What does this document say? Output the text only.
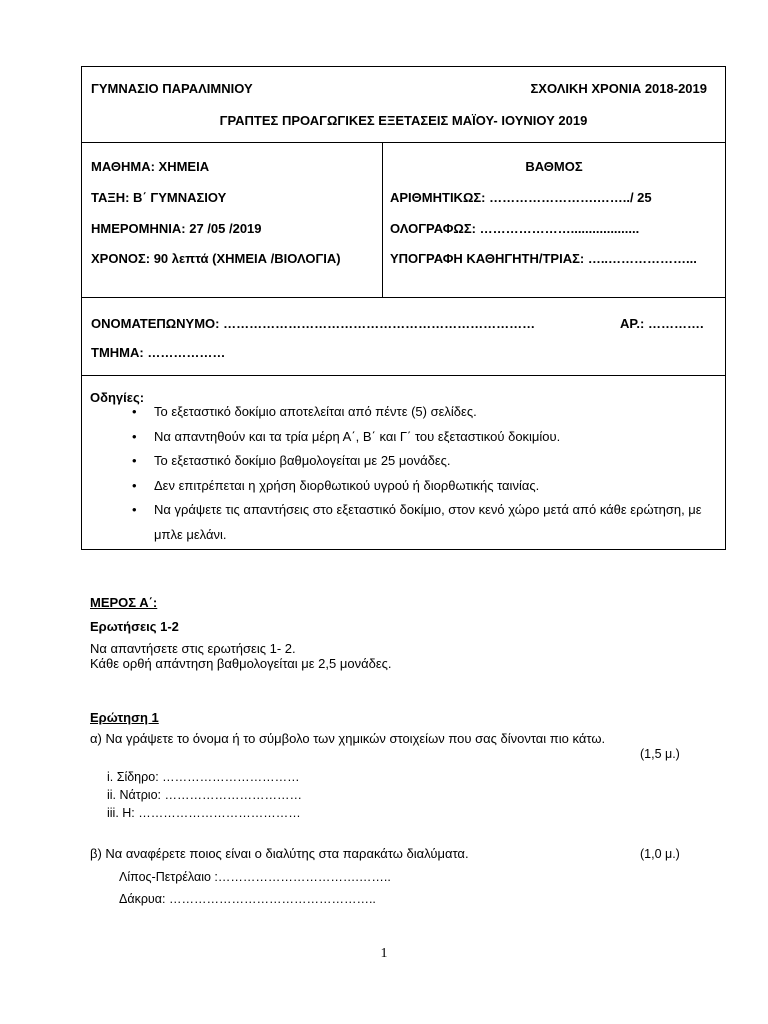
ΓΥΜΝΑΣΙΟ ΠΑΡΑΛΙΜΝΙΟΥ	ΣΧΟΛΙΚΗ ΧΡΟΝΙΑ 2018-2019
ΓΡΑΠΤΕΣ ΠΡΟΑΓΩΓΙΚΕΣ ΕΞΕΤΑΣΕΙΣ ΜΑΪΟΥ- ΙΟΥΝΙΟΥ 2019
ΜΑΘΗΜΑ: ΧΗΜΕΙΑ
ΤΑΞΗ: Β΄ ΓΥΜΝΑΣΙΟΥ
ΗΜΕΡΟΜΗΝΙΑ: 27 /05 /2019
ΧΡΟΝΟΣ: 90 λεπτά (ΧΗΜΕΙΑ /ΒΙΟΛΟΓΙΑ)
ΒΑΘΜΟΣ
ΑΡΙΘΜΗΤΙΚΩΣ: …………………….……../ 25
ΟΛΟΓΡΑΦΩΣ: …………………...................
ΥΠΟΓΡΑΦΗ ΚΑΘΗΓΗΤΗ/ΤΡΙΑΣ: …..………………...
ΟΝΟΜΑΤΕΠΩΝΥΜΟ: ………………………………………………………………	ΑΡ.: ………….
ΤΜΗΜΑ: ………………
Οδηγίες:
• Το εξεταστικό δοκίμιο αποτελείται από πέντε (5) σελίδες.
• Να απαντηθούν και τα τρία μέρη Α΄, Β΄ και Γ΄ του εξεταστικού δοκιμίου.
• Το εξεταστικό δοκίμιο βαθμολογείται με 25 μονάδες.
• Δεν επιτρέπεται η χρήση διορθωτικού υγρού ή διορθωτικής ταινίας.
• Να γράψετε τις απαντήσεις στο εξεταστικό δοκίμιο, στον κενό χώρο μετά από κάθε ερώτηση, με μπλε μελάνι.
ΜΕΡΟΣ Α΄:
Ερωτήσεις 1-2
Να απαντήσετε στις ερωτήσεις 1- 2.
Κάθε ορθή απάντηση βαθμολογείται με 2,5 μονάδες.
Ερώτηση 1
α) Να γράψετε το όνομα ή το σύμβολο των χημικών στοιχείων που σας δίνονται πιο κάτω.
(1,5 μ.)
i. Σίδηρο: ……………………………
ii. Νάτριο: ……………………………
iii. H: …………………………………
β) Να αναφέρετε ποιος είναι ο διαλύτης στα παρακάτω διαλύματα.	(1,0 μ.)
Λίπος-Πετρέλαιο :…………………………….……..
Δάκρυα: …………………………………………..
1
